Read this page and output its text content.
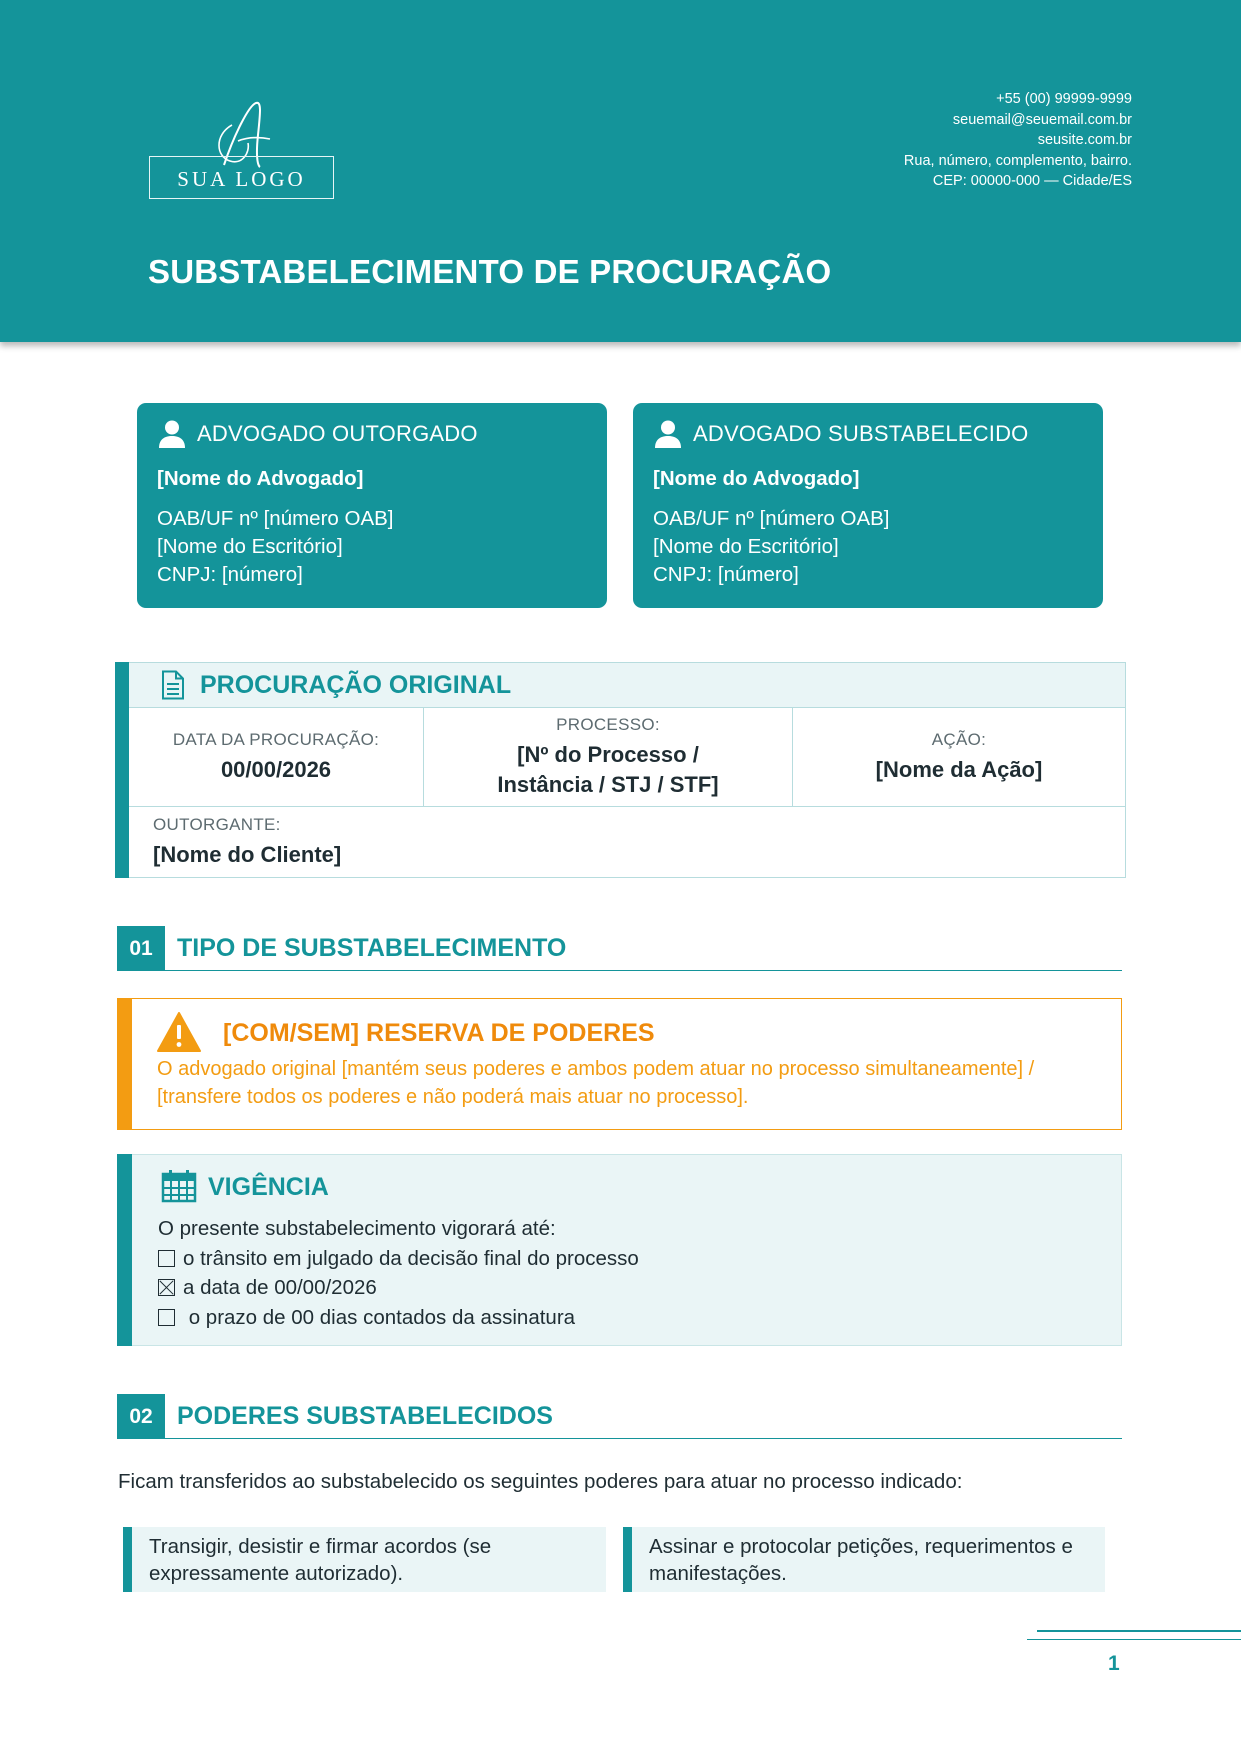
SUA LOGO
+55 (00) 99999-9999
seuemail@seuemail.com.br
seusite.com.br
Rua, número, complemento, bairro.
CEP: 00000-000 — Cidade/ES
SUBSTABELECIMENTO DE PROCURAÇÃO
ADVOGADO OUTORGADO
[Nome do Advogado]
OAB/UF nº [número OAB]
[Nome do Escritório]
CNPJ: [número]
ADVOGADO SUBSTABELECIDO
[Nome do Advogado]
OAB/UF nº [número OAB]
[Nome do Escritório]
CNPJ: [número]
PROCURAÇÃO ORIGINAL
DATA DA PROCURAÇÃO:
00/00/2026
PROCESSO:
[Nº do Processo /
Instância / STJ / STF]
AÇÃO:
[Nome da Ação]
OUTORGANTE:
[Nome do Cliente]
01 TIPO DE SUBSTABELECIMENTO
[COM/SEM] RESERVA DE PODERES
O advogado original [mantém seus poderes e ambos podem atuar no processo simultaneamente] /
[transfere todos os poderes e não poderá mais atuar no processo].
VIGÊNCIA
O presente substabelecimento vigorará até:
o trânsito em julgado da decisão final do processo
a data de 00/00/2026
o prazo de 00 dias contados da assinatura
02 PODERES SUBSTABELECIDOS
Ficam transferidos ao substabelecido os seguintes poderes para atuar no processo indicado:
Transigir, desistir e firmar acordos (se
expressamente autorizado).
Assinar e protocolar petições, requerimentos e
manifestações.
1
